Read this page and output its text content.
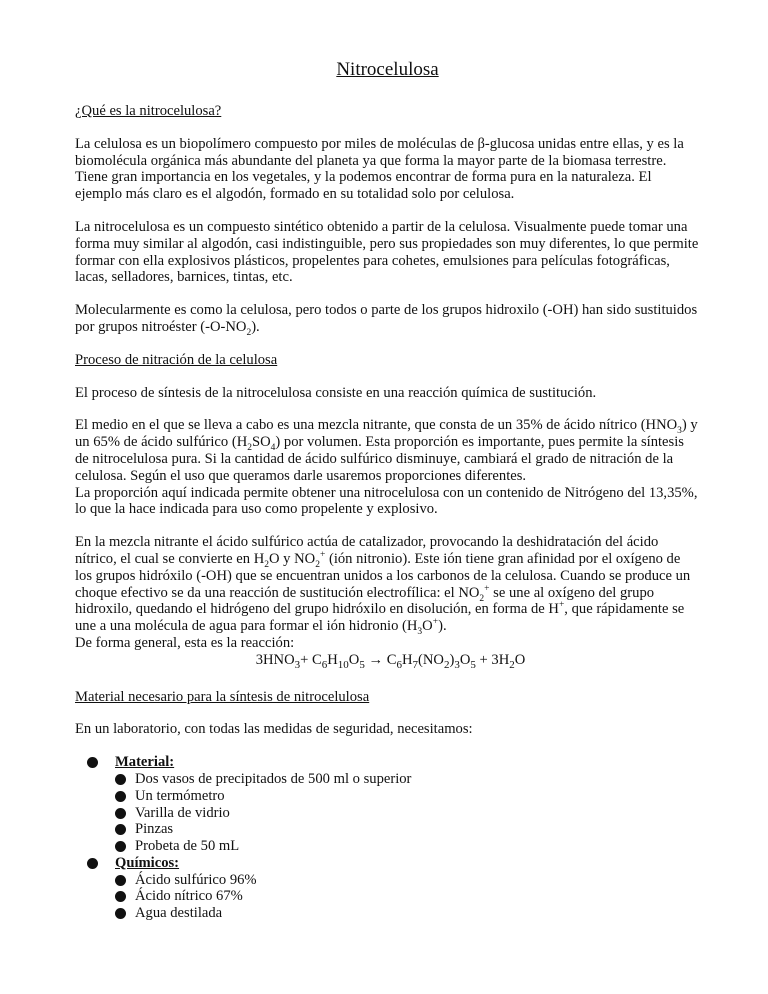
Nitrocelulosa
¿Qué es la nitrocelulosa?

La celulosa es un biopolímero compuesto por miles de moléculas de β-glucosa unidas entre ellas, y es la biomolécula orgánica más abundante del planeta ya que forma la mayor parte de la biomasa terrestre. Tiene gran importancia en los vegetales, y la podemos encontrar de forma pura en la naturaleza. El ejemplo más claro es el algodón, formado en su totalidad solo por celulosa.

La nitrocelulosa es un compuesto sintético obtenido a partir de la celulosa. Visualmente puede tomar una forma muy similar al algodón, casi indistinguible, pero sus propiedades son muy diferentes, lo que permite formar con ella explosivos plásticos, propelentes para cohetes, emulsiones para películas fotográficas, lacas, selladores, barnices, tintas, etc.

Molecularmente es como la celulosa, pero todos o parte de los grupos hidroxilo (-OH) han sido sustituidos por grupos nitroéster $(-O-NO_2)$.

Proceso de nitración de la celulosa

El proceso de síntesis de la nitrocelulosa consiste en una reacción química de sustitución.

El medio en el que se lleva a cabo es una mezcla nitrante, que consta de un 35% de ácido nítrico $(HNO_3)$ y un 65% de ácido sulfúrico $(H_2SO_4)$ por volumen. Esta proporción es importante, pues permite la síntesis de nitrocelulosa pura. Si la cantidad de ácido sulfúrico disminuye, cambiará el grado de nitración de la celulosa. Según el uso que queramos darle usaremos proporciones diferentes.
La proporción aquí indicada permite obtener una nitrocelulosa con un contenido de Nitrógeno del 13,35%, lo que la hace indicada para uso como propelente y explosivo.

En la mezcla nitrante el ácido sulfúrico actúa de catalizador, provocando la deshidratación del ácido nítrico, el cual se convierte en $H_2O$ y $NO_2^+$ (ión nitronio). Este ión tiene gran afinidad por el oxígeno de los grupos hidróxilo (-OH) que se encuentran unidos a los carbonos de la celulosa. Cuando se produce un choque efectivo se da una reacción de sustitución electrofílica: el $NO_2^+$ se une al oxígeno del grupo hidroxilo, quedando el hidrógeno del grupo hidróxilo en disolución, en forma de H+, que rápidamente se une a una molécula de agua para formar el ión hidronio $(H_3O^+)$.
De forma general, esta es la reacción:

$3HNO_3+ C_6H_{10}O_5 \to C_6H_7(NO_2)_3O_5 + 3H_2O$
Material necesario para la síntesis de nitrocelulosa

En un laboratorio, con todas las medidas de seguridad, necesitamos:

Material:
Dos vasos de precipitados de 500 ml o superior
Un termómetro
Varilla de vidrio
Pinzas
Probeta de 50 mL
Químicos:
Ácido sulfúrico 96%
Ácido nítrico 67%
Agua destilada
